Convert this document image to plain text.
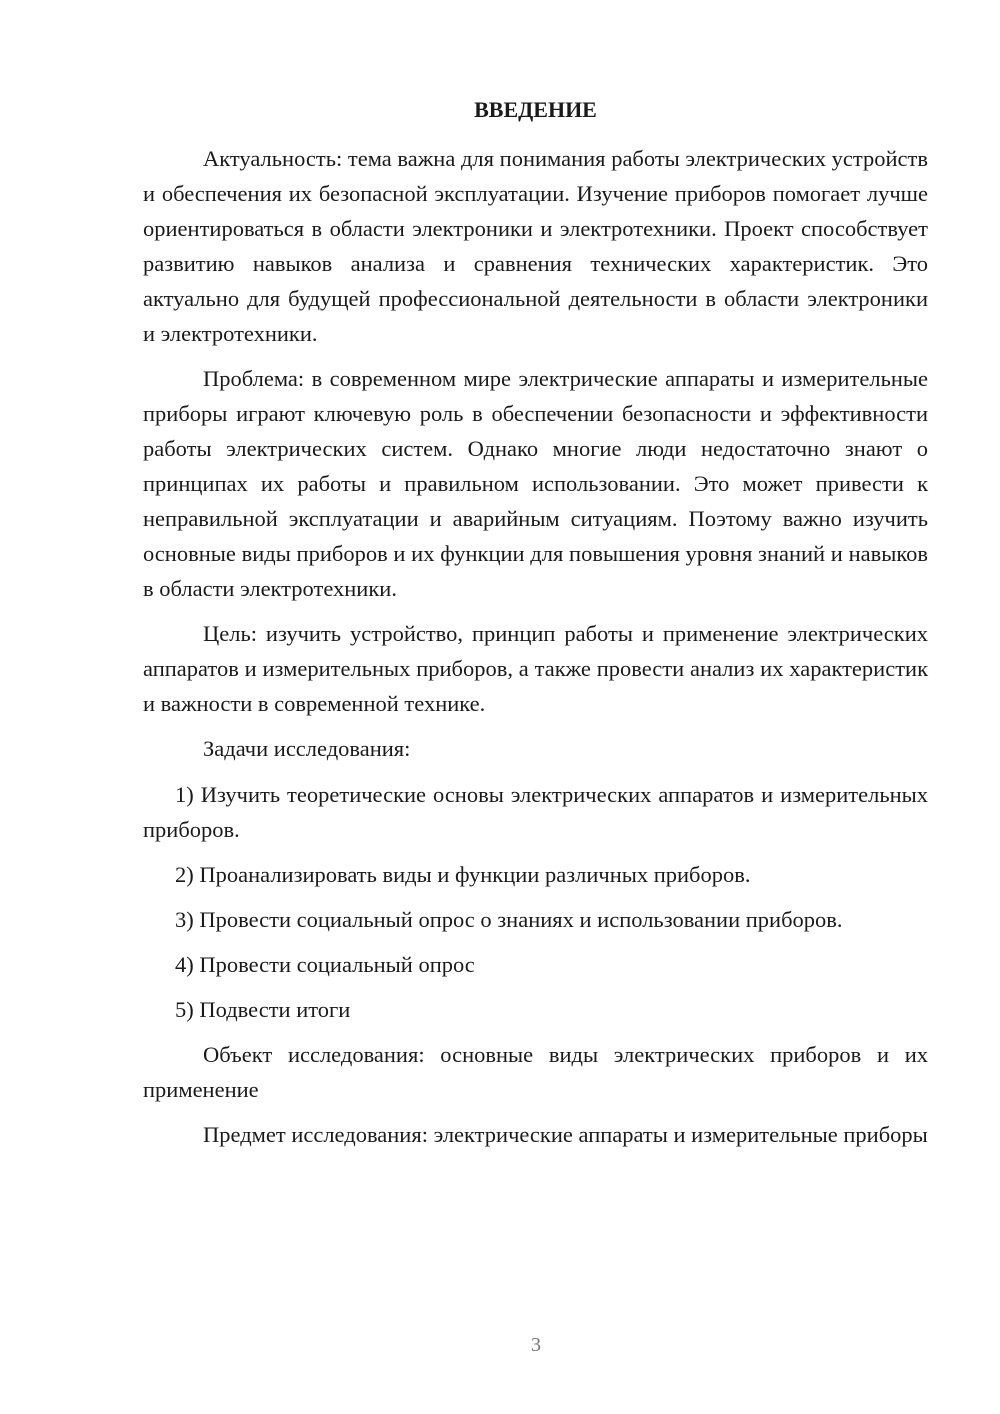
ВВЕДЕНИЕ

Актуальность: тема важна для понимания работы электрических устройств и обеспечения их безопасной эксплуатации. Изучение приборов помогает лучше ориентироваться в области электроники и электротехники. Проект способствует развитию навыков анализа и сравнения технических характеристик. Это актуально для будущей профессиональной деятельности в области электроники и электротехники.

Проблема: в современном мире электрические аппараты и измерительные приборы играют ключевую роль в обеспечении безопасности и эффективности работы электрических систем. Однако многие люди недостаточно знают о принципах их работы и правильном использовании. Это может привести к неправильной эксплуатации и аварийным ситуациям. Поэтому важно изучить основные виды приборов и их функции для повышения уровня знаний и навыков в области электротехники.

Цель: изучить устройство, принцип работы и применение электрических аппаратов и измерительных приборов, а также провести анализ их характеристик и важности в современной технике.

Задачи исследования:

1) Изучить теоретические основы электрических аппаратов и измерительных приборов.

2) Проанализировать виды и функции различных приборов.

3) Провести социальный опрос о знаниях и использовании приборов.

4) Провести социальный опрос

5) Подвести итоги

Объект исследования: основные виды электрических приборов и их применение

Предмет исследования: электрические аппараты и измерительные приборы

3
